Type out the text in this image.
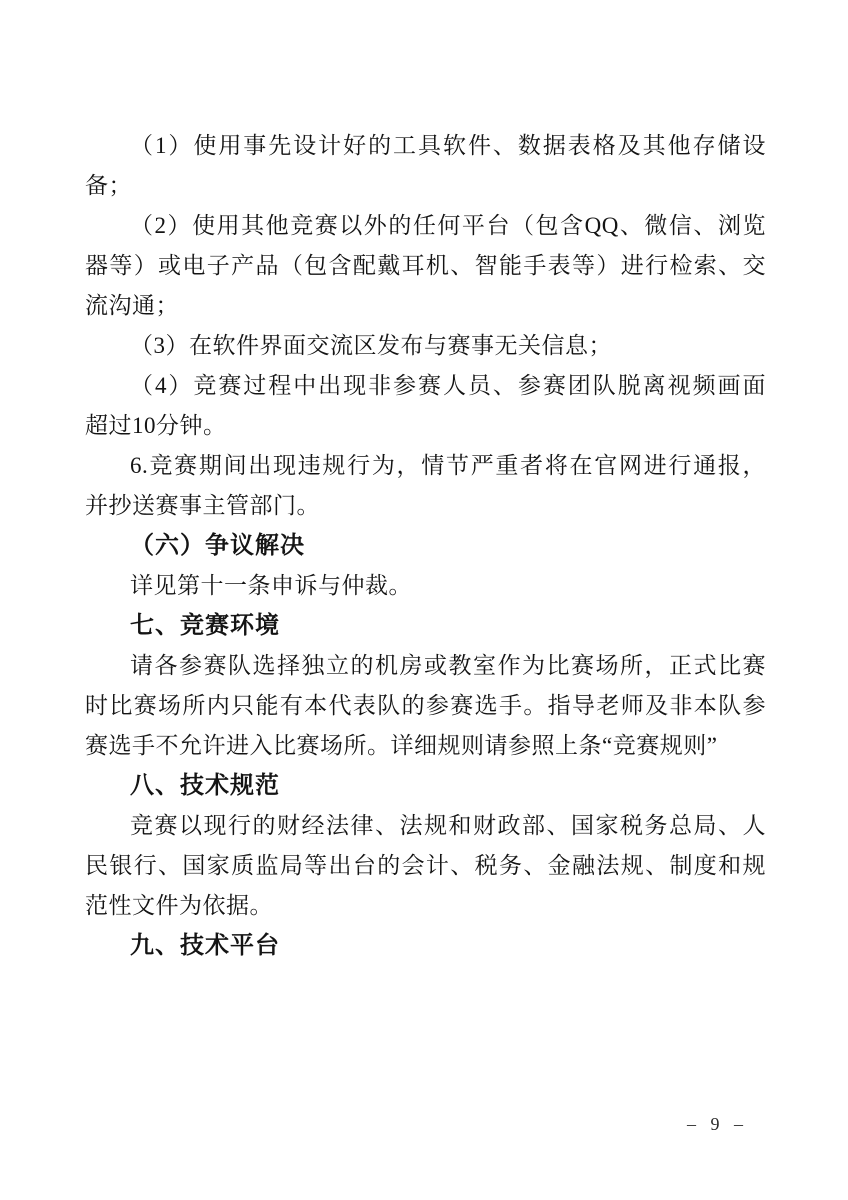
（1）使用事先设计好的工具软件、数据表格及其他存储设
备；
（2）使用其他竞赛以外的任何平台（包含QQ、微信、浏览
器等）或电子产品（包含配戴耳机、智能手表等）进行检索、交
流沟通；
（3）在软件界面交流区发布与赛事无关信息；
（4）竞赛过程中出现非参赛人员、参赛团队脱离视频画面
超过10分钟。
6.竞赛期间出现违规行为，情节严重者将在官网进行通报，
并抄送赛事主管部门。
（六）争议解决
详见第十一条申诉与仲裁。
七、竞赛环境
请各参赛队选择独立的机房或教室作为比赛场所，正式比赛
时比赛场所内只能有本代表队的参赛选手。指导老师及非本队参
赛选手不允许进入比赛场所。详细规则请参照上条“竞赛规则”
八、技术规范
竞赛以现行的财经法律、法规和财政部、国家税务总局、人
民银行、国家质监局等出台的会计、税务、金融法规、制度和规
范性文件为依据。
九、技术平台
– 9 –
